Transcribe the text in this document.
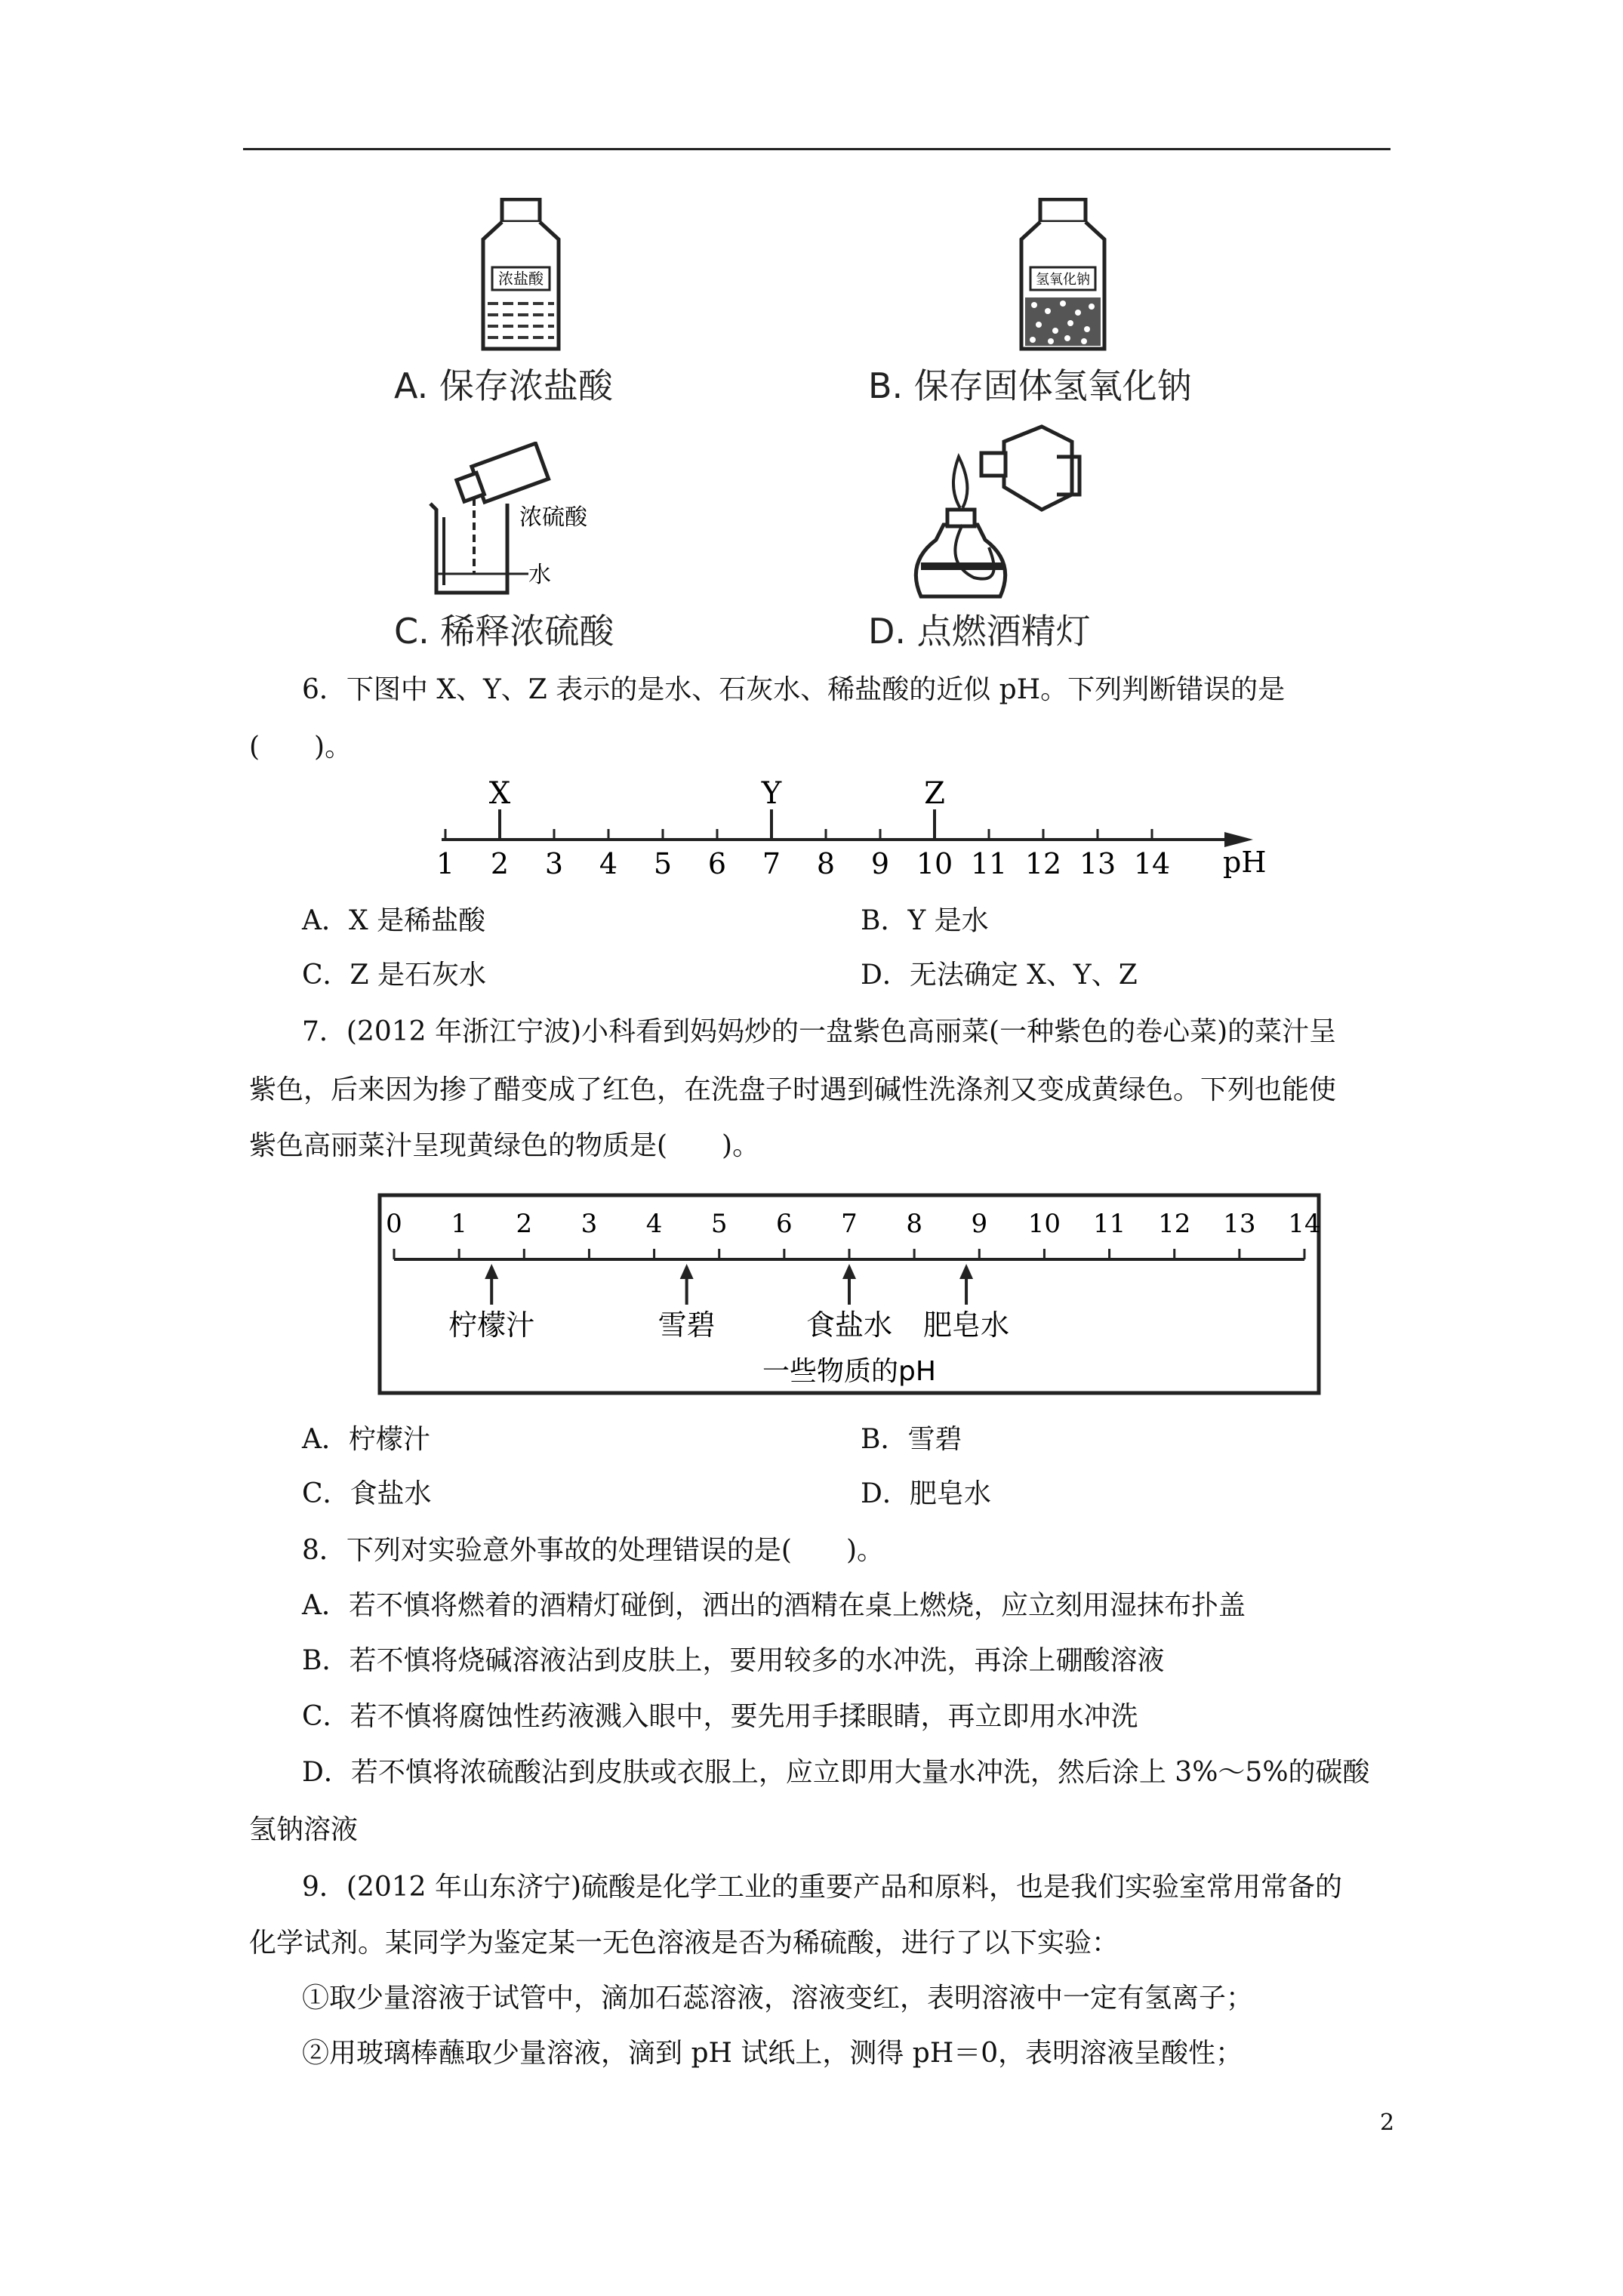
浓盐酸
A. 保存浓盐酸
氢氧化钠
B. 保存固体氢氧化钠
浓硫酸
水
C. 稀释浓硫酸	D. 点燃酒精灯
6．下图中 X、Y、Z 表示的是水、石灰水、稀盐酸的近似 pH。下列判断错误的是
(　　)。
1 2 3 4 5 6 7 8 9 10 11 12 13 14
X	Y	Z
pH
A．X 是稀盐酸	B．Y 是水
C．Z 是石灰水	D．无法确定 X、Y、Z
7．(2012 年浙江宁波)小科看到妈妈炒的一盘紫色高丽菜(一种紫色的卷心菜)的菜汁呈
紫色，后来因为掺了醋变成了红色，在洗盘子时遇到碱性洗涤剂又变成黄绿色。下列也能使
紫色高丽菜汁呈现黄绿色的物质是(　　)。
0 1 2 3 4 5 6 7 8 9 10 11 12 13 14
柠檬汁	雪碧	食盐水 肥皂水
一些物质的pH
A．柠檬汁	B．雪碧
C．食盐水	D．肥皂水
8．下列对实验意外事故的处理错误的是(　　)。
A．若不慎将燃着的酒精灯碰倒，洒出的酒精在桌上燃烧，应立刻用湿抹布扑盖
B．若不慎将烧碱溶液沾到皮肤上，要用较多的水冲洗，再涂上硼酸溶液
C．若不慎将腐蚀性药液溅入眼中，要先用手揉眼睛，再立即用水冲洗
D．若不慎将浓硫酸沾到皮肤或衣服上，应立即用大量水冲洗，然后涂上 3%～5%的碳酸
氢钠溶液
9．(2012 年山东济宁)硫酸是化学工业的重要产品和原料，也是我们实验室常用常备的
化学试剂。某同学为鉴定某一无色溶液是否为稀硫酸，进行了以下实验：
①取少量溶液于试管中，滴加石蕊溶液，溶液变红，表明溶液中一定有氢离子；
②用玻璃棒蘸取少量溶液，滴到 pH 试纸上，测得 pH＝0，表明溶液呈酸性；
2
